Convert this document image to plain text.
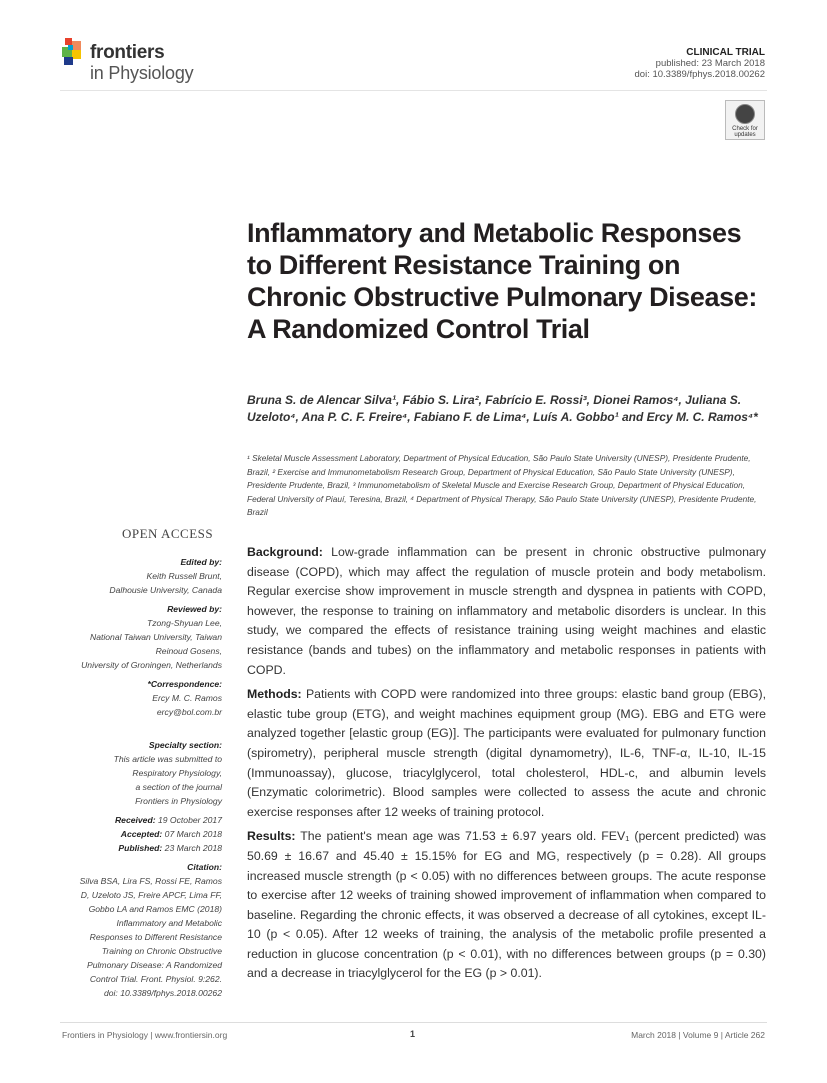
frontiers
in Physiology
CLINICAL TRIAL
published: 23 March 2018
doi: 10.3389/fphys.2018.00262
Check for updates
Inflammatory and Metabolic Responses to Different Resistance Training on Chronic Obstructive Pulmonary Disease: A Randomized Control Trial
Bruna S. de Alencar Silva¹, Fábio S. Lira², Fabrício E. Rossi³, Dionei Ramos⁴, Juliana S. Uzeloto⁴, Ana P. C. F. Freire⁴, Fabiano F. de Lima⁴, Luís A. Gobbo¹ and Ercy M. C. Ramos⁴*
¹ Skeletal Muscle Assessment Laboratory, Department of Physical Education, São Paulo State University (UNESP), Presidente Prudente, Brazil, ² Exercise and Immunometabolism Research Group, Department of Physical Education, São Paulo State University (UNESP), Presidente Prudente, Brazil, ³ Immunometabolism of Skeletal Muscle and Exercise Research Group, Department of Physical Education, Federal University of Piauí, Teresina, Brazil, ⁴ Department of Physical Therapy, São Paulo State University (UNESP), Presidente Prudente, Brazil
OPEN ACCESS
Edited by:
Keith Russell Brunt,
Dalhousie University, Canada
Reviewed by:
Tzong-Shyuan Lee,
National Taiwan University, Taiwan
Reinoud Gosens,
University of Groningen, Netherlands
*Correspondence:
Ercy M. C. Ramos
ercy@bol.com.br
Specialty section:
This article was submitted to
Respiratory Physiology,
a section of the journal
Frontiers in Physiology
Received: 19 October 2017
Accepted: 07 March 2018
Published: 23 March 2018
Citation:
Silva BSA, Lira FS, Rossi FE, Ramos
D, Uzeloto JS, Freire APCF, Lima FF,
Gobbo LA and Ramos EMC (2018)
Inflammatory and Metabolic
Responses to Different Resistance
Training on Chronic Obstructive
Pulmonary Disease: A Randomized
Control Trial. Front. Physiol. 9:262.
doi: 10.3389/fphys.2018.00262

Background: Low-grade inflammation can be present in chronic obstructive pulmonary disease (COPD), which may affect the regulation of muscle protein and body metabolism. Regular exercise show improvement in muscle strength and dyspnea in patients with COPD, however, the response to training on inflammatory and metabolic disorders is unclear. In this study, we compared the effects of resistance training using weight machines and elastic resistance (bands and tubes) on the inflammatory and metabolic responses in patients with COPD.

Methods: Patients with COPD were randomized into three groups: elastic band group (EBG), elastic tube group (ETG), and weight machines equipment group (MG). EBG and ETG were analyzed together [elastic group (EG)]. The participants were evaluated for pulmonary function (spirometry), peripheral muscle strength (digital dynamometry), IL-6, TNF-α, IL-10, IL-15 (Immunoassay), glucose, triacylglycerol, total cholesterol, HDL-c, and albumin levels (Enzymatic colorimetric). Blood samples were collected to assess the acute and chronic exercise responses after 12 weeks of training protocol.

Results: The patient's mean age was 71.53 ± 6.97 years old. FEV₁ (percent predicted) was 50.69 ± 16.67 and 45.40 ± 15.15% for EG and MG, respectively (p = 0.28). All groups increased muscle strength (p < 0.05) with no differences between groups. The acute response to exercise after 12 weeks of training showed improvement of inflammation when compared to baseline. Regarding the chronic effects, it was observed a decrease of all cytokines, except IL-10 (p < 0.05). After 12 weeks of training, the analysis of the metabolic profile presented a reduction in glucose concentration (p < 0.01), with no differences between groups (p = 0.30) and a decrease in triacylglycerol for the EG (p > 0.01).

Frontiers in Physiology | www.frontiersin.org	1	March 2018 | Volume 9 | Article 262
